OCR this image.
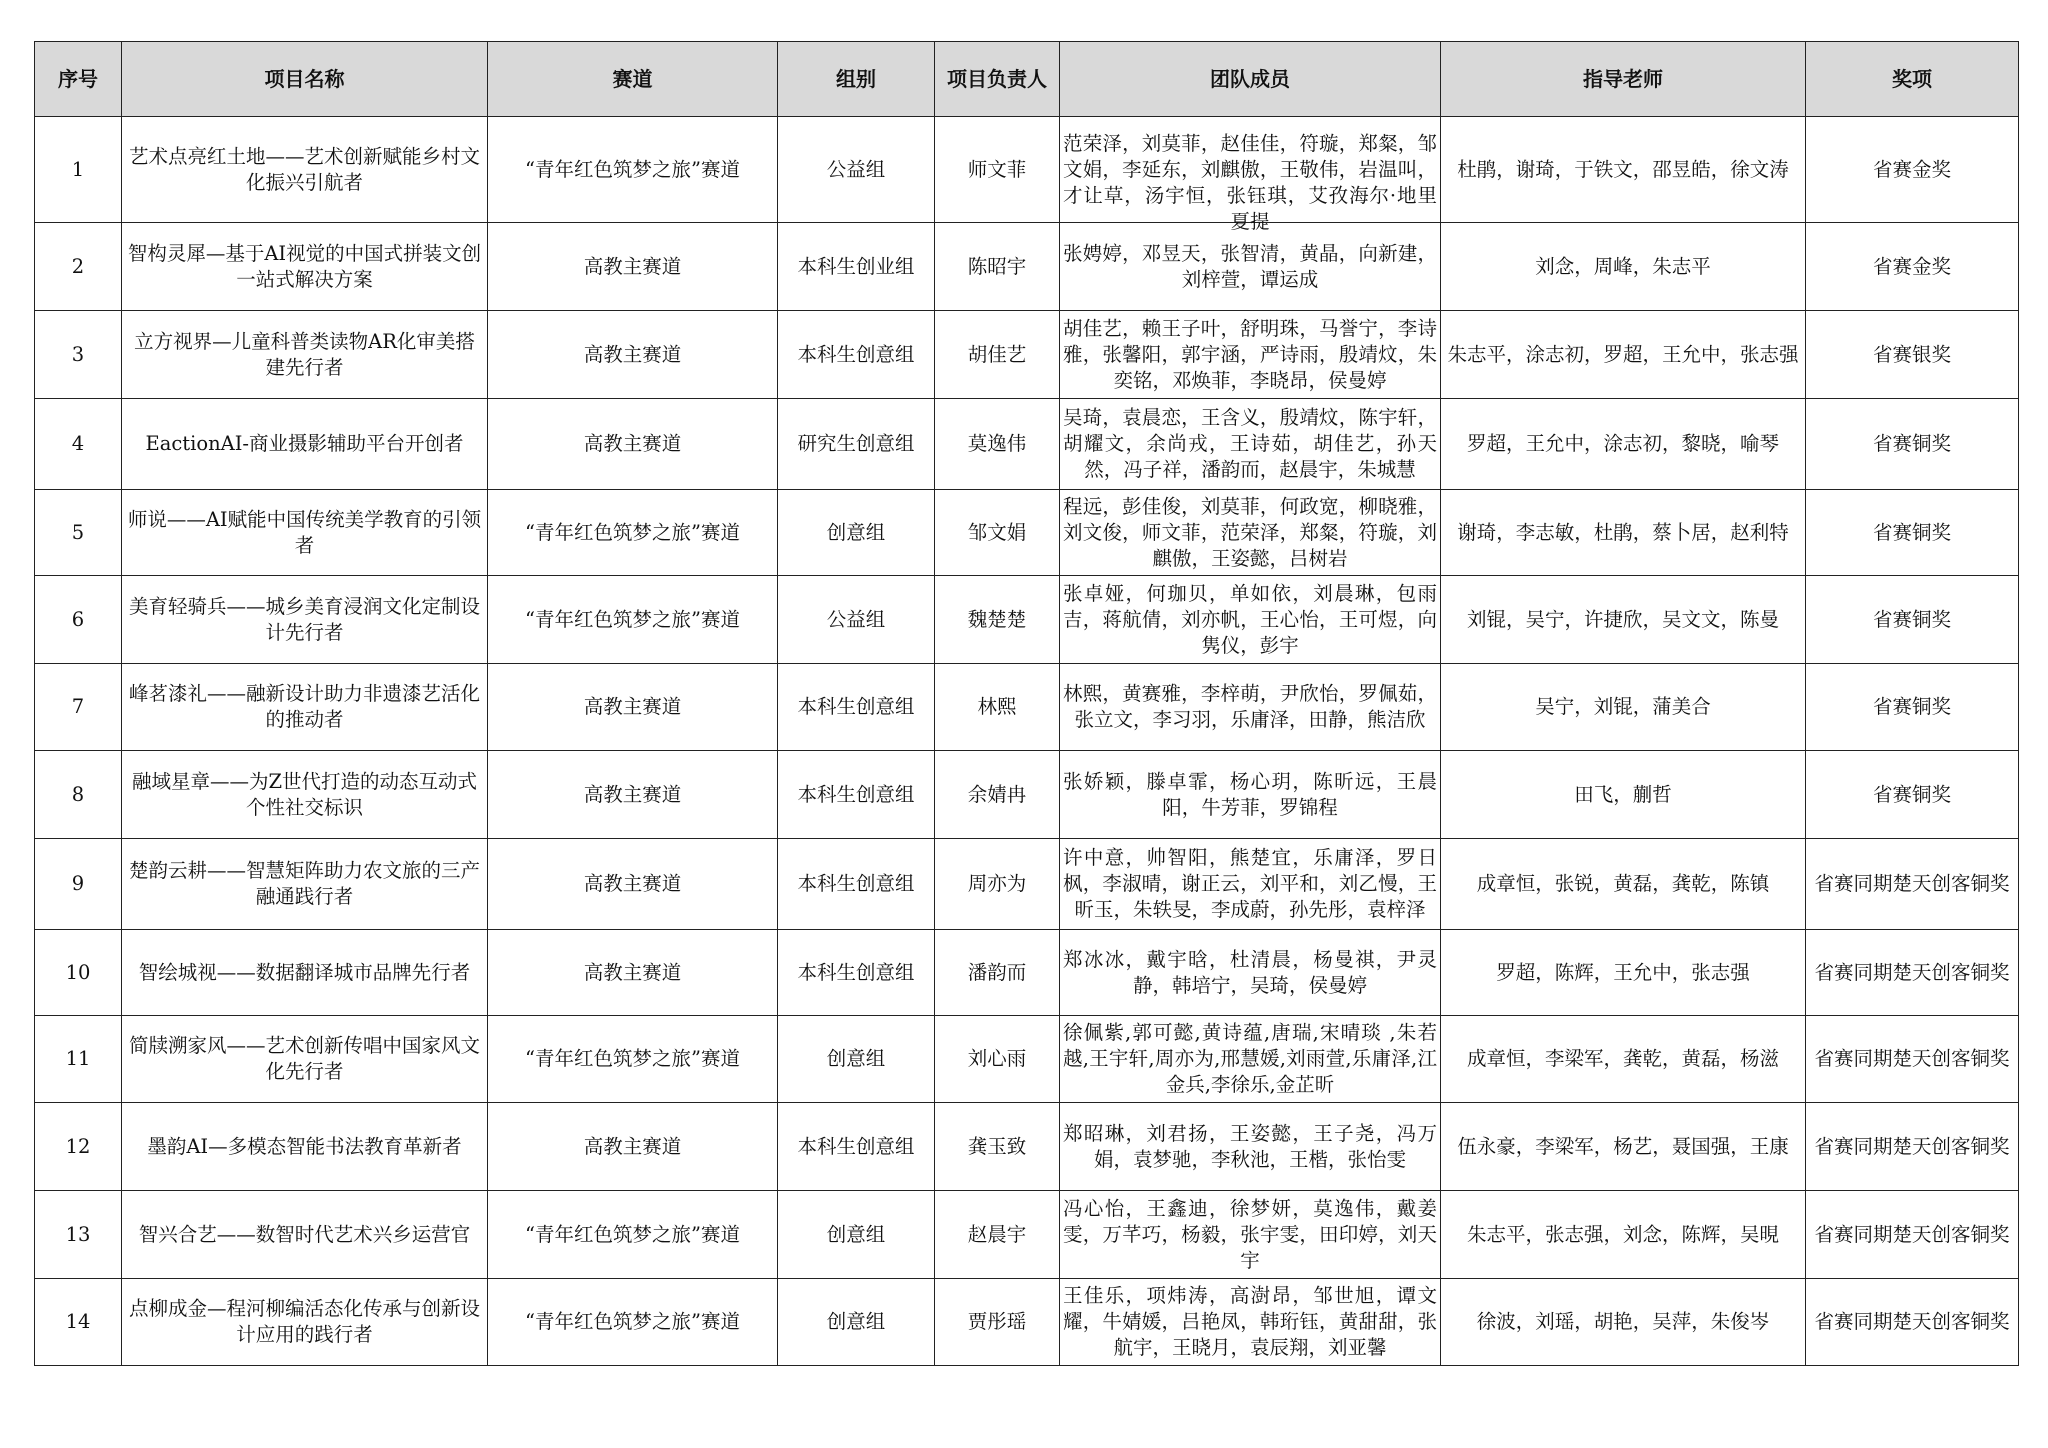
序号	项目名称	赛道	组别	项目负责人	团队成员	指导老师	奖项

1	艺术点亮红土地——艺术创新赋能乡村文化振兴引航者	“青年红色筑梦之旅”赛道	公益组	师文菲	范荣泽，刘莫菲，赵佳佳，符璇，郑粲，邹文娟，李延东，刘麒傲，王敬伟，岩温叫，才让草，汤宇恒，张钰琪，艾孜海尔·地里夏提	杜鹃，谢琦，于铁文，邵昱皓，徐文涛	省赛金奖

2	智构灵犀—基于AI视觉的中国式拼装文创一站式解决方案	高教主赛道	本科生创业组	陈昭宇	张娉婷，邓昱天，张智清，黄晶，向新建，刘梓萱，谭运成	刘念，周峰，朱志平	省赛金奖

3	立方视界—儿童科普类读物AR化审美搭建先行者	高教主赛道	本科生创意组	胡佳艺	胡佳艺，赖王子叶，舒明珠，马誉宁，李诗雅，张馨阳，郭宇涵，严诗雨，殷靖炆，朱奕铭，邓焕菲，李晓昂，侯曼婷	朱志平，涂志初，罗超，王允中，张志强	省赛银奖

4	EactionAI-商业摄影辅助平台开创者	高教主赛道	研究生创意组	莫逸伟	吴琦，袁晨恋，王含义，殷靖炆，陈宇轩，胡耀文，余尚戎，王诗茹，胡佳艺，孙天然，冯子祥，潘韵而，赵晨宇，朱城慧	罗超，王允中，涂志初，黎晓，喻琴	省赛铜奖

5	师说——AI赋能中国传统美学教育的引领者	“青年红色筑梦之旅”赛道	创意组	邹文娟	程远，彭佳俊，刘莫菲，何政宽，柳晓雅，刘文俊，师文菲，范荣泽，郑粲，符璇，刘麒傲，王姿懿，吕树岩	谢琦，李志敏，杜鹃，蔡卜居，赵利特	省赛铜奖

6	美育轻骑兵——城乡美育浸润文化定制设计先行者	“青年红色筑梦之旅”赛道	公益组	魏楚楚	张卓娅，何珈贝，单如依，刘晨琳，包雨吉，蒋航倩，刘亦帆，王心怡，王可煜，向隽仪，彭宇	刘锟，吴宁，许捷欣，吴文文，陈曼	省赛铜奖

7	峰茗漆礼——融新设计助力非遗漆艺活化的推动者	高教主赛道	本科生创意组	林熙	林熙，黄赛雅，李梓萌，尹欣怡，罗佩茹，张立文，李习羽，乐庸泽，田静，熊洁欣	吴宁，刘锟，蒲美合	省赛铜奖

8	融域星章——为Z世代打造的动态互动式个性社交标识	高教主赛道	本科生创意组	余婧冉	张娇颖，滕卓霏，杨心玥，陈昕远，王晨阳，牛芳菲，罗锦程	田飞，蒯哲	省赛铜奖

9	楚韵云耕——智慧矩阵助力农文旅的三产融通践行者	高教主赛道	本科生创意组	周亦为	许中意，帅智阳，熊楚宜，乐庸泽，罗日枫，李淑晴，谢正云，刘平和，刘乙慢，王昕玉，朱轶旻，李成蔚，孙先彤，袁梓泽	成章恒，张锐，黄磊，龚乾，陈镇	省赛同期楚天创客铜奖

10	智绘城视——数据翻译城市品牌先行者	高教主赛道	本科生创意组	潘韵而	郑冰冰，戴宇晗，杜清晨，杨曼祺，尹灵静，韩培宁，吴琦，侯曼婷	罗超，陈辉，王允中，张志强	省赛同期楚天创客铜奖

11	简牍溯家风——艺术创新传唱中国家风文化先行者	“青年红色筑梦之旅”赛道	创意组	刘心雨	徐佩紫,郭可懿,黄诗蕴,唐瑞,宋晴琰 ,朱若越,王宇轩,周亦为,邢慧媛,刘雨萱,乐庸泽,江金兵,李徐乐,金芷昕	成章恒，李梁军，龚乾，黄磊，杨滋	省赛同期楚天创客铜奖

12	墨韵AI—多模态智能书法教育革新者	高教主赛道	本科生创意组	龚玉致	郑昭琳，刘君扬，王姿懿，王子尧，冯万娟，袁梦驰，李秋池，王楷，张怡雯	伍永豪，李梁军，杨艺，聂国强，王康	省赛同期楚天创客铜奖

13	智兴合艺——数智时代艺术兴乡运营官	“青年红色筑梦之旅”赛道	创意组	赵晨宇	冯心怡，王鑫迪，徐梦妍，莫逸伟，戴姜雯，万芊巧，杨毅，张宇雯，田印婷，刘天宇	朱志平，张志强，刘念，陈辉，吴晛	省赛同期楚天创客铜奖

14	点柳成金—程河柳编活态化传承与创新设计应用的践行者	“青年红色筑梦之旅”赛道	创意组	贾彤瑶	王佳乐，项炜涛，高澍昂，邹世旭，谭文耀，牛婧媛，吕艳凤，韩珩钰，黄甜甜，张航宇，王晓月，袁辰翔，刘亚馨	徐波，刘瑶，胡艳，吴萍，朱俊岑	省赛同期楚天创客铜奖
